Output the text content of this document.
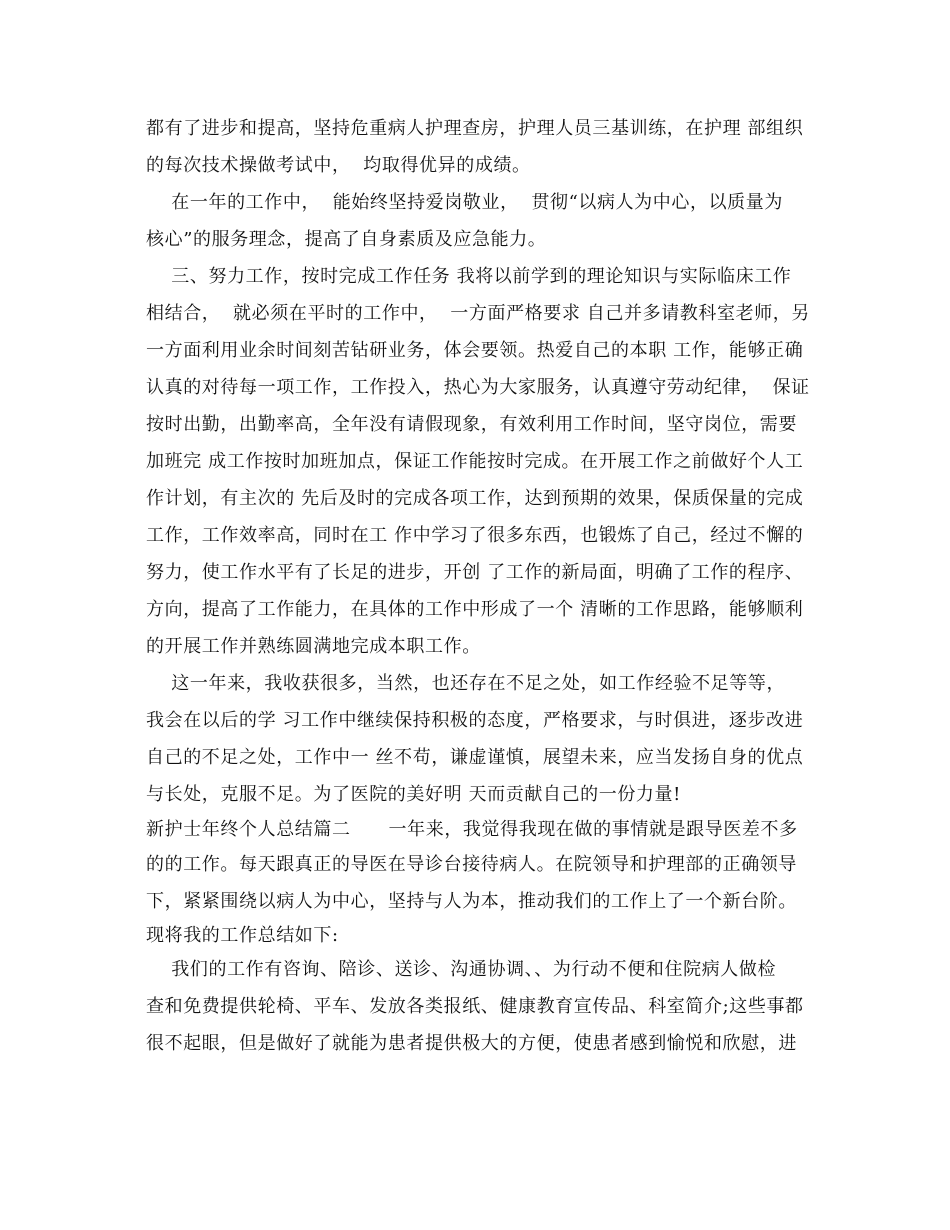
都有了进步和提高，坚持危重病人护理查房，护理人员三基训练，在护理 部组织
的每次技术操做考试中，  均取得优异的成绩。
在一年的工作中，  能始终坚持爱岗敬业，  贯彻“以病人为中心，以质量为
核心”的服务理念，提高了自身素质及应急能力。
三、努力工作，按时完成工作任务 我将以前学到的理论知识与实际临床工作
相结合，  就必须在平时的工作中，  一方面严格要求 自己并多请教科室老师，另
一方面利用业余时间刻苦钻研业务，体会要领。热爱自己的本职 工作，能够正确
认真的对待每一项工作，工作投入，热心为大家服务，认真遵守劳动纪律，  保证
按时出勤，出勤率高，全年没有请假现象，有效利用工作时间，坚守岗位，需要
加班完 成工作按时加班加点，保证工作能按时完成。在开展工作之前做好个人工
作计划，有主次的 先后及时的完成各项工作，达到预期的效果，保质保量的完成
工作，工作效率高，同时在工 作中学习了很多东西，也锻炼了自己，经过不懈的
努力，使工作水平有了长足的进步，开创 了工作的新局面，明确了工作的程序、
方向，提高了工作能力，在具体的工作中形成了一个 清晰的工作思路，能够顺利
的开展工作并熟练圆满地完成本职工作。
这一年来，我收获很多，当然，也还存在不足之处，如工作经验不足等等，
我会在以后的学 习工作中继续保持积极的态度，严格要求，与时俱进，逐步改进
自己的不足之处，工作中一 丝不苟，谦虚谨慎，展望未来，应当发扬自身的优点
与长处，克服不足。为了医院的美好明 天而贡献自己的一份力量!
新护士年终个人总结篇二      一年来，我觉得我现在做的事情就是跟导医差不多
的的工作。每天跟真正的导医在导诊台接待病人。在院领导和护理部的正确领导
下，紧紧围绕以病人为中心，坚持与人为本，推动我们的工作上了一个新台阶。
现将我的工作总结如下:
我们的工作有咨询、陪诊、送诊、沟通协调、、为行动不便和住院病人做检
查和免费提供轮椅、平车、发放各类报纸、健康教育宣传品、科室简介;这些事都
很不起眼，但是做好了就能为患者提供极大的方便，使患者感到愉悦和欣慰，进
